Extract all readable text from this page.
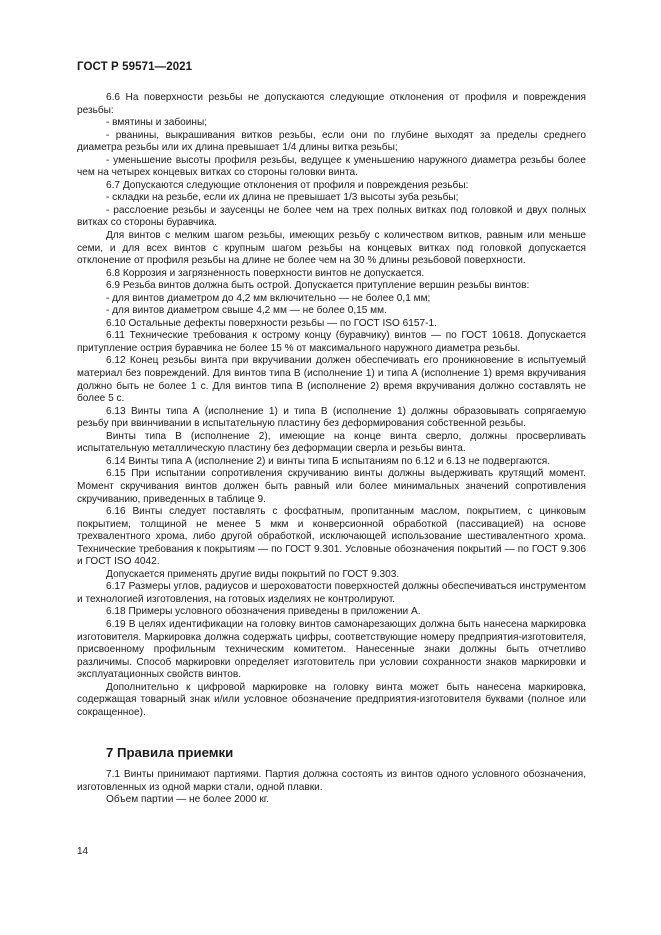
ГОСТ Р 59571—2021

6.6 На поверхности резьбы не допускаются следующие отклонения от профиля и повреждения резьбы:

- вмятины и забоины;

- рванины, выкрашивания витков резьбы, если они по глубине выходят за пределы среднего диаметра резьбы или их длина превышает 1/4 длины витка резьбы;

- уменьшение высоты профиля резьбы, ведущее к уменьшению наружного диаметра резьбы более чем на четырех концевых витках со стороны головки винта.

6.7 Допускаются следующие отклонения от профиля и повреждения резьбы:

- складки на резьбе, если их длина не превышает 1/3 высоты зуба резьбы;

- расслоение резьбы и заусенцы не более чем на трех полных витках под головкой и двух полных витках со стороны буравчика.

Для винтов с мелким шагом резьбы, имеющих резьбу с количеством витков, равным или меньше семи, и для всех винтов с крупным шагом резьбы на концевых витках под головкой допускается отклонение от профиля резьбы на длине не более чем на 30 % длины резьбовой поверхности.

6.8 Коррозия и загрязненность поверхности винтов не допускается.

6.9 Резьба винтов должна быть острой. Допускается притупление вершин резьбы винтов:

- для винтов диаметром до 4,2 мм включительно — не более 0,1 мм;

- для винтов диаметром свыше 4,2 мм — не более 0,15 мм.

6.10 Остальные дефекты поверхности резьбы — по ГОСТ ISO 6157-1.

6.11 Технические требования к острому концу (буравчику) винтов — по ГОСТ 10618. Допускается притупление острия буравчика не более 15 % от максимального наружного диаметра резьбы.

6.12 Конец резьбы винта при вкручивании должен обеспечивать его проникновение в испытуемый материал без повреждений. Для винтов типа В (исполнение 1) и типа А (исполнение 1) время вкручивания должно быть не более 1 с. Для винтов типа В (исполнение 2) время вкручивания должно составлять не более 5 с.

6.13 Винты типа А (исполнение 1) и типа В (исполнение 1) должны образовывать сопрягаемую резьбу при ввинчивании в испытательную пластину без деформирования собственной резьбы.

Винты типа В (исполнение 2), имеющие на конце винта сверло, должны просверливать испытательную металлическую пластину без деформации сверла и резьбы винта.

6.14 Винты типа А (исполнение 2) и винты типа Б испытаниям по 6.12 и 6.13 не подвергаются.

6.15 При испытании сопротивления скручиванию винты должны выдерживать крутящий момент. Момент скручивания винтов должен быть равный или более минимальных значений сопротивления скручиванию, приведенных в таблице 9.

6.16 Винты следует поставлять с фосфатным, пропитанным маслом, покрытием, с цинковым покрытием, толщиной не менее 5 мкм и конверсионной обработкой (пассивацией) на основе трехвалентного хрома, либо другой обработкой, исключающей использование шестивалентного хрома. Технические требования к покрытиям — по ГОСТ 9.301. Условные обозначения покрытий — по ГОСТ 9.306 и ГОСТ ISO 4042.

Допускается применять другие виды покрытий по ГОСТ 9.303.

6.17 Размеры углов, радиусов и шероховатости поверхностей должны обеспечиваться инструментом и технологией изготовления, на готовых изделиях не контролируют.

6.18 Примеры условного обозначения приведены в приложении А.

6.19 В целях идентификации на головку винтов самонарезающих должна быть нанесена маркировка изготовителя. Маркировка должна содержать цифры, соответствующие номеру предприятия-изготовителя, присвоенному профильным техническим комитетом. Нанесенные знаки должны быть отчетливо различимы. Способ маркировки определяет изготовитель при условии сохранности знаков маркировки и эксплуатационных свойств винтов.

Дополнительно к цифровой маркировке на головку винта может быть нанесена маркировка, содержащая товарный знак и/или условное обозначение предприятия-изготовителя буквами (полное или сокращенное).

7 Правила приемки

7.1 Винты принимают партиями. Партия должна состоять из винтов одного условного обозначения, изготовленных из одной марки стали, одной плавки.

Объем партии — не более 2000 кг.

14
